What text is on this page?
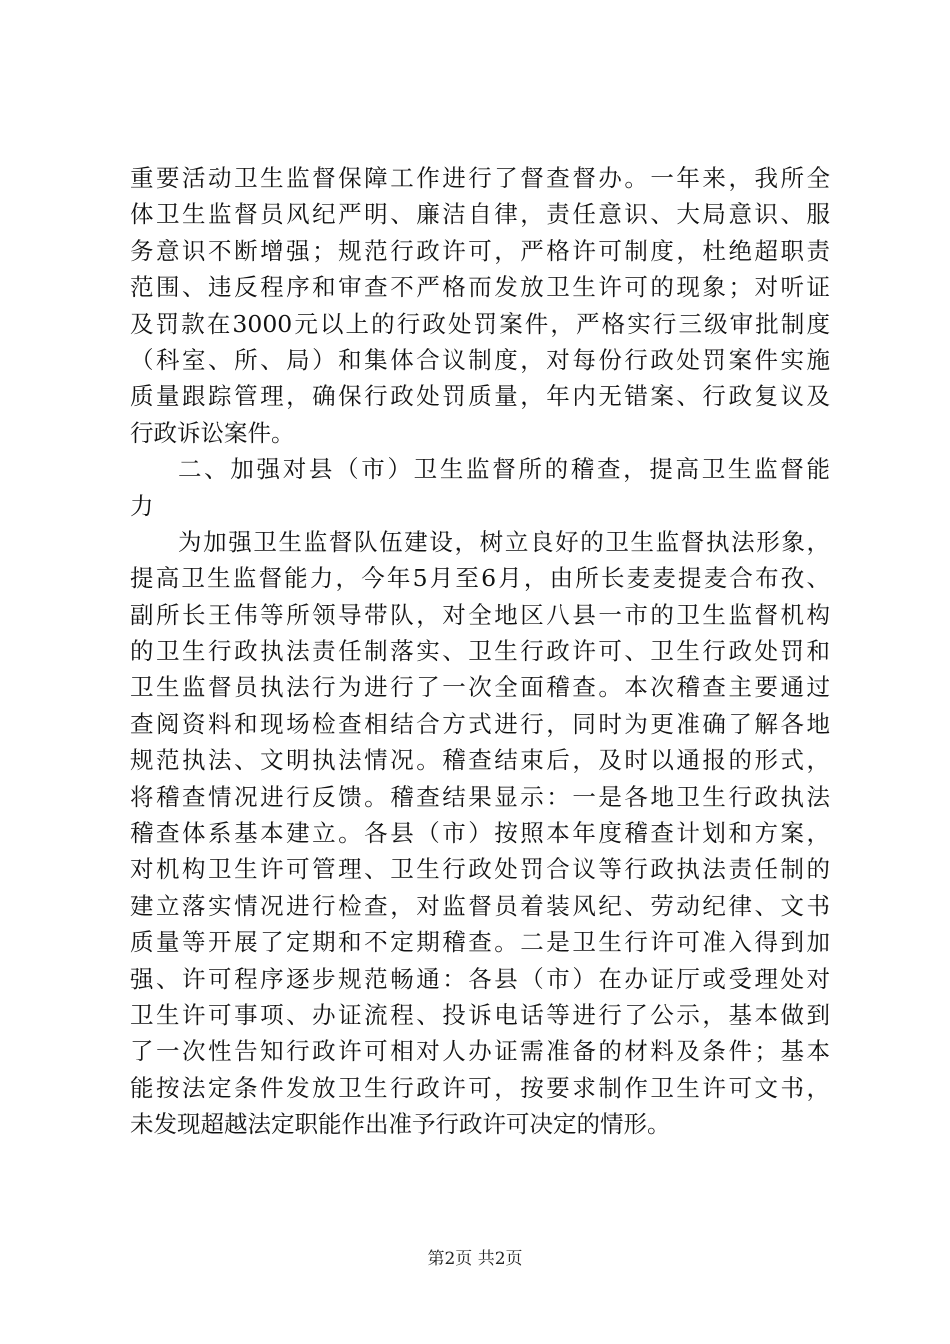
重要活动卫生监督保障工作进行了督查督办。一年来，我所全
体卫生监督员风纪严明、廉洁自律，责任意识、大局意识、服
务意识不断增强；规范行政许可，严格许可制度，杜绝超职责
范围、违反程序和审查不严格而发放卫生许可的现象；对听证
及罚款在3000元以上的行政处罚案件，严格实行三级审批制度
（科室、所、局）和集体合议制度，对每份行政处罚案件实施
质量跟踪管理，确保行政处罚质量，年内无错案、行政复议及
行政诉讼案件。
二、加强对县（市）卫生监督所的稽查，提高卫生监督能
力
为加强卫生监督队伍建设，树立良好的卫生监督执法形象，
提高卫生监督能力，今年5月至6月，由所长麦麦提麦合布孜、
副所长王伟等所领导带队，对全地区八县一市的卫生监督机构
的卫生行政执法责任制落实、卫生行政许可、卫生行政处罚和
卫生监督员执法行为进行了一次全面稽查。本次稽查主要通过
查阅资料和现场检查相结合方式进行，同时为更准确了解各地
规范执法、文明执法情况。稽查结束后，及时以通报的形式，
将稽查情况进行反馈。稽查结果显示：一是各地卫生行政执法
稽查体系基本建立。各县（市）按照本年度稽查计划和方案，
对机构卫生许可管理、卫生行政处罚合议等行政执法责任制的
建立落实情况进行检查，对监督员着装风纪、劳动纪律、文书
质量等开展了定期和不定期稽查。二是卫生行许可准入得到加
强、许可程序逐步规范畅通：各县（市）在办证厅或受理处对
卫生许可事项、办证流程、投诉电话等进行了公示，基本做到
了一次性告知行政许可相对人办证需准备的材料及条件；基本
能按法定条件发放卫生行政许可，按要求制作卫生许可文书，
未发现超越法定职能作出准予行政许可决定的情形。
第2页 共2页
